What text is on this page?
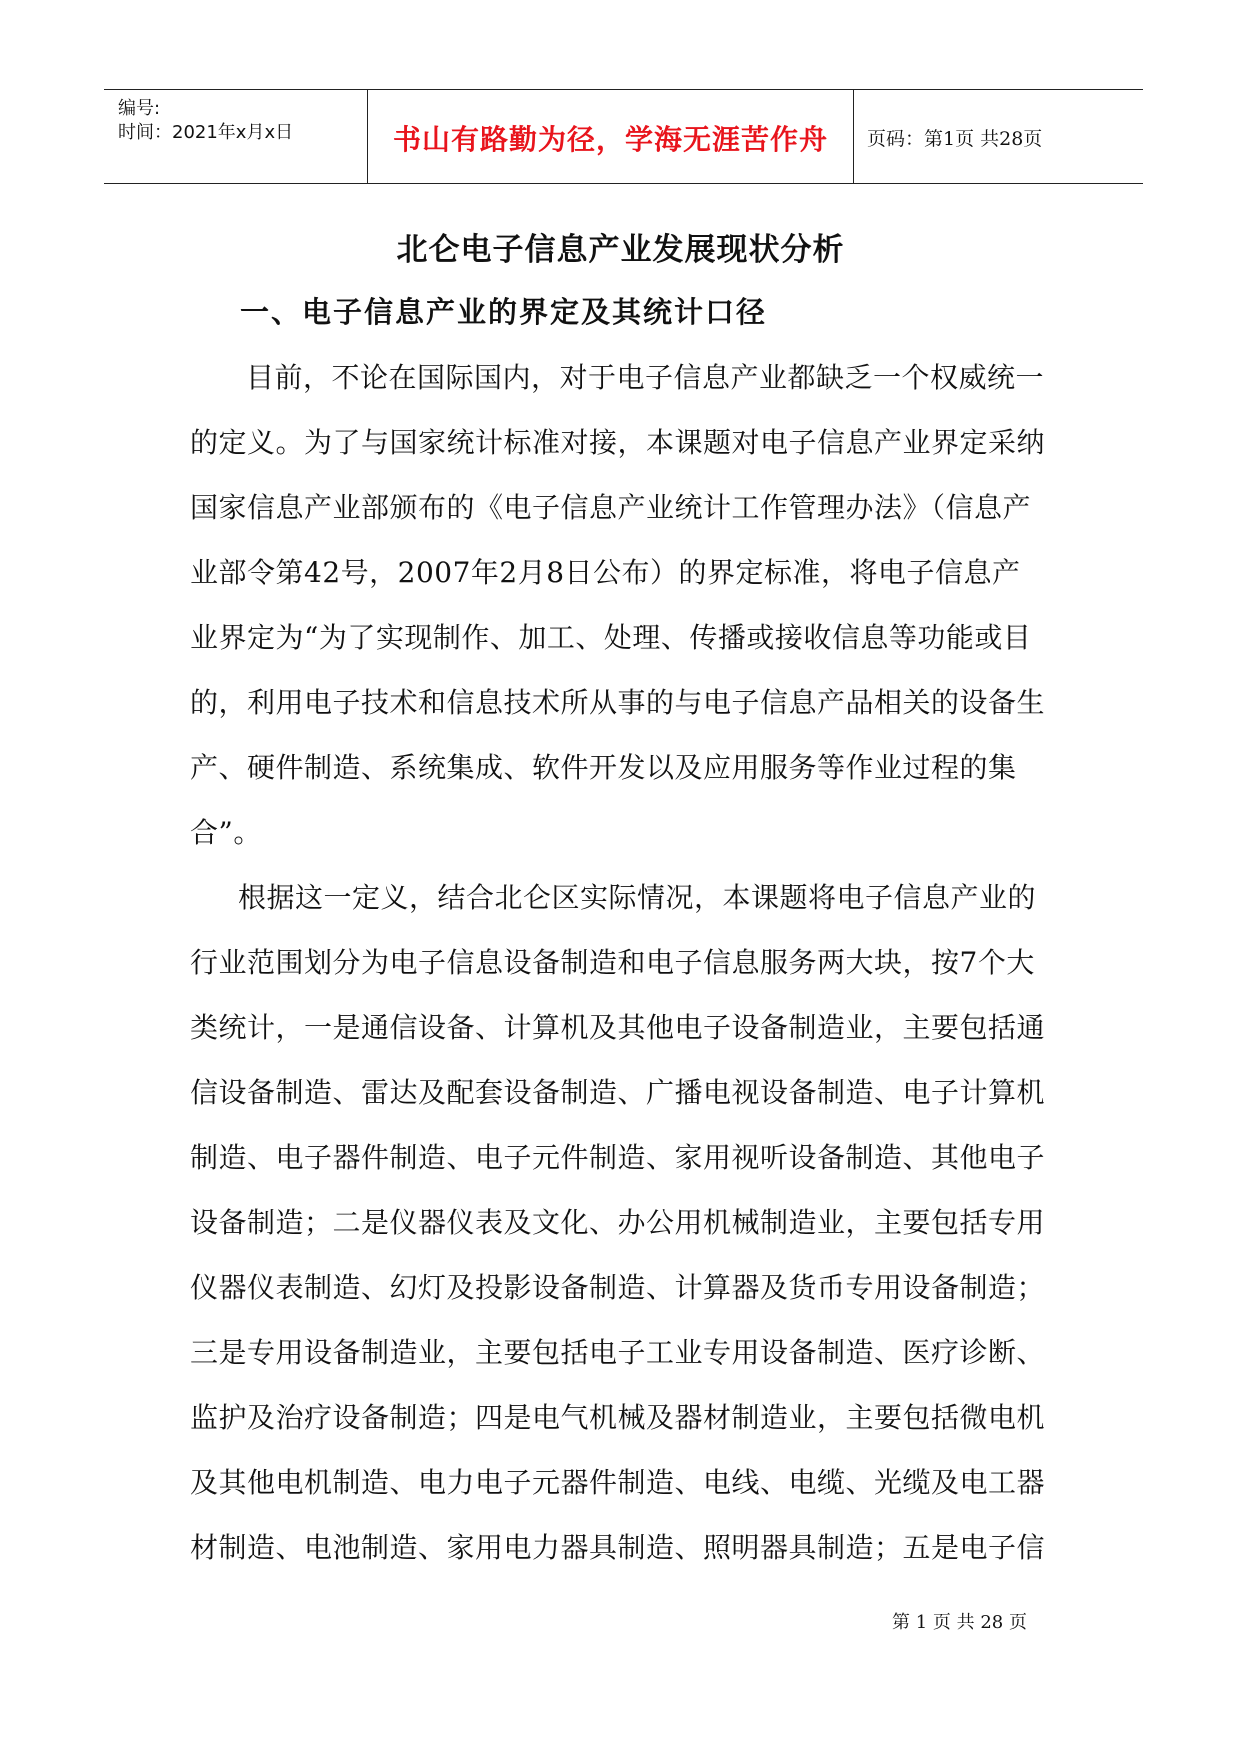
编号:
时间：2021年x月x日	书山有路勤为径，学海无涯苦作舟	页码：第1页 共28页
北仑电子信息产业发展现状分析
一、电子信息产业的界定及其统计口径
目前，不论在国际国内，对于电子信息产业都缺乏一个权威统一
的定义。为了与国家统计标准对接，本课题对电子信息产业界定采纳
国家信息产业部颁布的《电子信息产业统计工作管理办法》（信息产
业部令第42号，2007年2月8日公布）的界定标准，将电子信息产
业界定为“为了实现制作、加工、处理、传播或接收信息等功能或目
的，利用电子技术和信息技术所从事的与电子信息产品相关的设备生
产、硬件制造、系统集成、软件开发以及应用服务等作业过程的集
合”。
根据这一定义，结合北仑区实际情况，本课题将电子信息产业的
行业范围划分为电子信息设备制造和电子信息服务两大块，按7个大
类统计，一是通信设备、计算机及其他电子设备制造业，主要包括通
信设备制造、雷达及配套设备制造、广播电视设备制造、电子计算机
制造、电子器件制造、电子元件制造、家用视听设备制造、其他电子
设备制造；二是仪器仪表及文化、办公用机械制造业，主要包括专用
仪器仪表制造、幻灯及投影设备制造、计算器及货币专用设备制造；
三是专用设备制造业，主要包括电子工业专用设备制造、医疗诊断、
监护及治疗设备制造；四是电气机械及器材制造业，主要包括微电机
及其他电机制造、电力电子元器件制造、电线、电缆、光缆及电工器
材制造、电池制造、家用电力器具制造、照明器具制造；五是电子信
第 1 页 共 28 页
